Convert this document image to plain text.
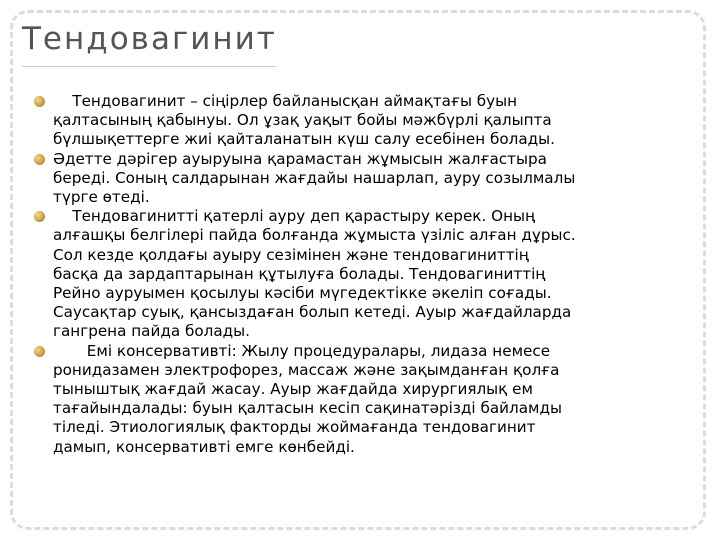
Тендовагинит
Тендовагинит – сіңірлер байланысқан аймақтағы буын
қалтасының қабынуы. Ол ұзақ уақыт бойы мәжбүрлі қалыпта
бүлшықеттерге жиі қайталанатын күш салу есебінен болады.
Әдетте дәрігер ауыруына қарамастан жұмысын жалғастыра
береді. Соның салдарынан жағдайы нашарлап, ауру созылмалы
түрге өтеді.
Тендовагинитті қатерлі ауру деп қарастыру керек. Оның
алғашқы белгілері пайда болғанда жұмыста үзіліс алған дұрыс.
Сол кезде қолдағы ауыру сезімінен және тендовагиниттің
басқа да зардаптарынан құтылуға болады. Тендовагиниттің
Рейно ауруымен қосылуы кәсіби мүгедектікке әкеліп соғады.
Саусақтар суық, қансыздаған болып кетеді. Ауыр жағдайларда
гангрена пайда болады.
Емі консервативті: Жылу процедуралары, лидаза немесе
ронидазамен электрофорез, массаж және зақымданған қолға
тыныштық жағдай жасау. Ауыр жағдайда хирургиялық ем
тағайындалады: буын қалтасын кесіп сақинатәрізді байламды
тіледі. Этиологиялық факторды жоймағанда тендовагинит
дамып, консервативті емге көнбейді.
